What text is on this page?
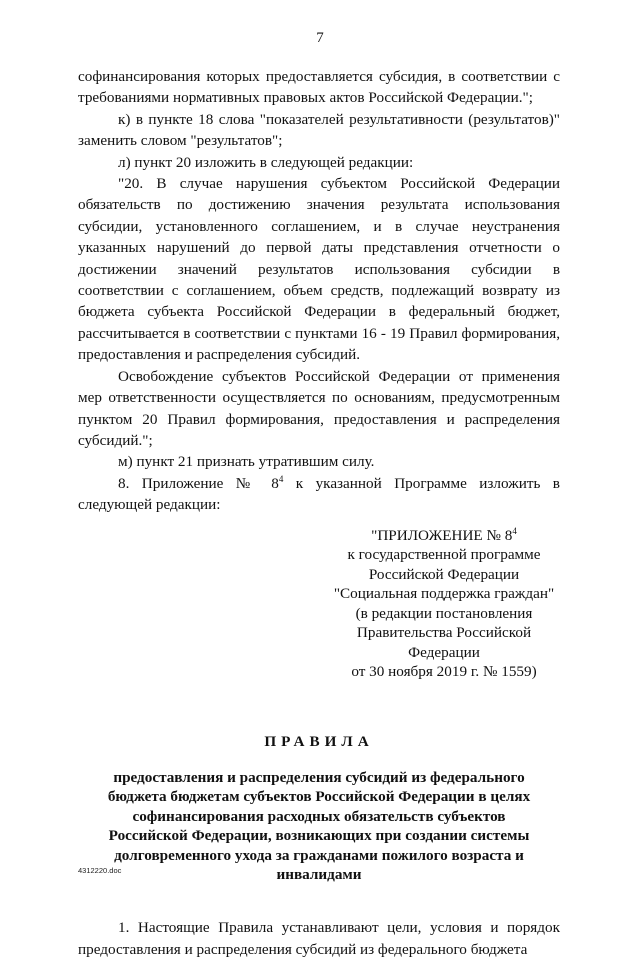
7

софинансирования которых предоставляется субсидия, в соответствии с требованиями нормативных правовых актов Российской Федерации.";

к) в пункте 18 слова "показателей результативности (результатов)" заменить словом "результатов";

л) пункт 20 изложить в следующей редакции:

"20. В случае нарушения субъектом Российской Федерации обязательств по достижению значения результата использования субсидии, установленного соглашением, и в случае неустранения указанных нарушений до первой даты представления отчетности о достижении значений результатов использования субсидии в соответствии с соглашением, объем средств, подлежащий возврату из бюджета субъекта Российской Федерации в федеральный бюджет, рассчитывается в соответствии с пунктами 16 - 19 Правил формирования, предоставления и распределения субсидий.

Освобождение субъектов Российской Федерации от применения мер ответственности осуществляется по основаниям, предусмотренным пунктом 20 Правил формирования, предоставления и распределения субсидий.";

м) пункт 21 признать утратившим силу.

8. Приложение № $8^4$ к указанной Программе изложить в следующей редакции:

"ПРИЛОЖЕНИЕ № $8^4$
к государственной программе
Российской Федерации
"Социальная поддержка граждан"
(в редакции постановления
Правительства Российской Федерации
от 30 ноября 2019 г. № 1559)

ПРАВИЛА

предоставления и распределения субсидий из федерального бюджета бюджетам субъектов Российской Федерации в целях софинансирования расходных обязательств субъектов Российской Федерации, возникающих при создании системы долговременного ухода за гражданами пожилого возраста и инвалидами

1. Настоящие Правила устанавливают цели, условия и порядок предоставления и распределения субсидий из федерального бюджета

4312220.doc
